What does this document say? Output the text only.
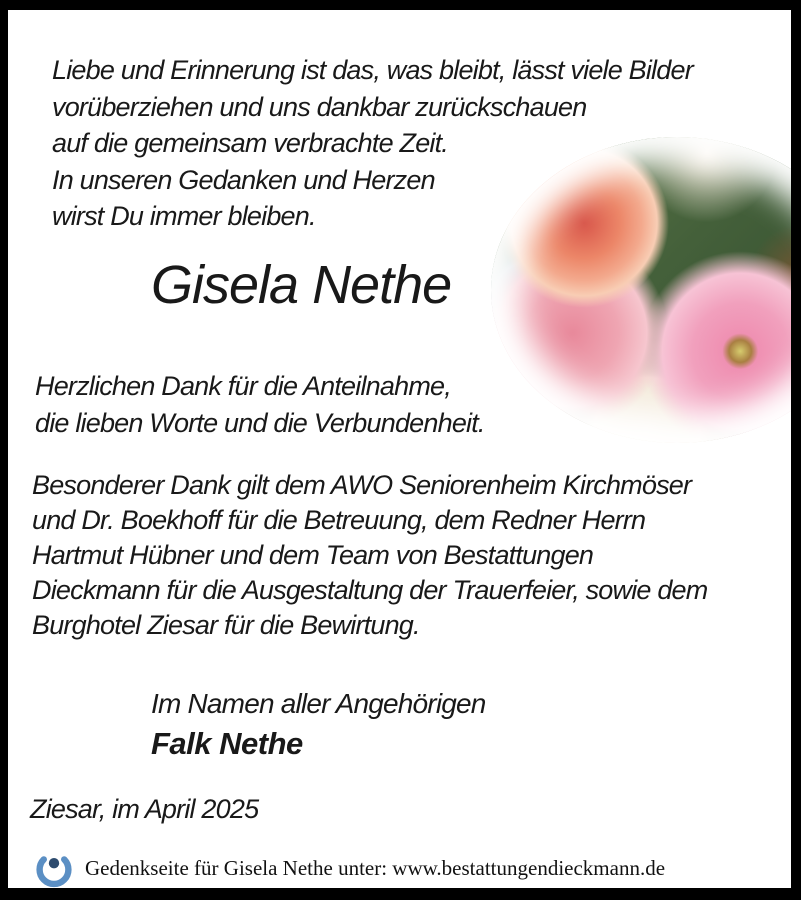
Liebe und Erinnerung ist das, was bleibt, lässt viele Bilder
vorüberziehen und uns dankbar zurückschauen
auf die gemeinsam verbrachte Zeit.
In unseren Gedanken und Herzen
wirst Du immer bleiben.
Gisela Nethe
Herzlichen Dank für die Anteilnahme,
die lieben Worte und die Verbundenheit.
Besonderer Dank gilt dem AWO Seniorenheim Kirchmöser
und Dr. Boekhoff für die Betreuung, dem Redner Herrn
Hartmut Hübner und dem Team von Bestattungen
Dieckmann für die Ausgestaltung der Trauerfeier, sowie dem
Burghotel Ziesar für die Bewirtung.
Im Namen aller Angehörigen
Falk Nethe
Ziesar, im April 2025
Gedenkseite für Gisela Nethe unter: www.bestattungendieckmann.de
